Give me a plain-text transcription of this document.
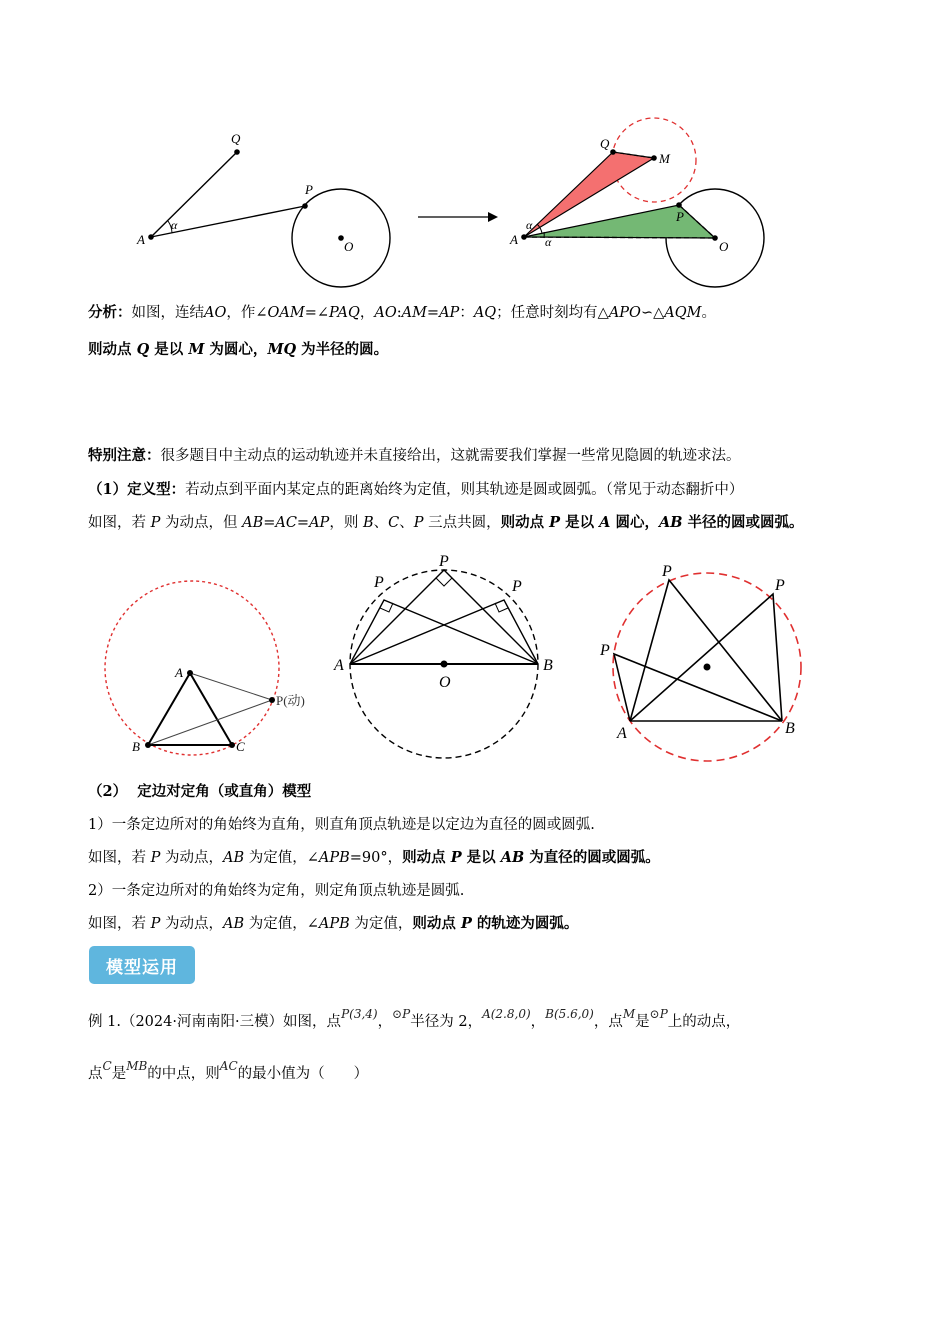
Q
P
A	O
α
Q
M
P
A	O
α
α
分析：如图，连结AO，作∠OAM=∠PAQ，AO:AM=AP：AQ；任意时刻均有△APO∽△AQM。
则动点 Q 是以 M 为圆心，MQ 为半径的圆。
特别注意：很多题目中主动点的运动轨迹并未直接给出，这就需要我们掌握一些常见隐圆的轨迹求法。
（1）定义型：若动点到平面内某定点的距离始终为定值，则其轨迹是圆或圆弧。（常见于动态翻折中）
如图，若 P 为动点，但 AB=AC=AP，则 B、C、P 三点共圆，则动点 P 是以 A 圆心，AB 半径的圆或圆弧。
A
B	C
P(动)
P
P	P
A	B
O
P
P
P
A	B
（2） 定边对定角（或直角）模型
1）一条定边所对的角始终为直角，则直角顶点轨迹是以定边为直径的圆或圆弧.
如图，若 P 为动点，AB 为定值，∠APB=90°，则动点 P 是以 AB 为直径的圆或圆弧。
2）一条定边所对的角始终为定角，则定角顶点轨迹是圆弧.
如图，若 P 为动点，AB 为定值，∠APB 为定值，则动点 P 的轨迹为圆弧。
模型运用
例 1.（2024·河南南阳·三模）如图，点$^{P(3,4)}$，$^{⊙P}$半径为 2，$^{A(2.8,0)}$，$^{B(5.6,0)}$，点$^M$是$^{⊙P}$上的动点，
点$^C$是$^{MB}$的中点，则$^{AC}$的最小值为（　　）
